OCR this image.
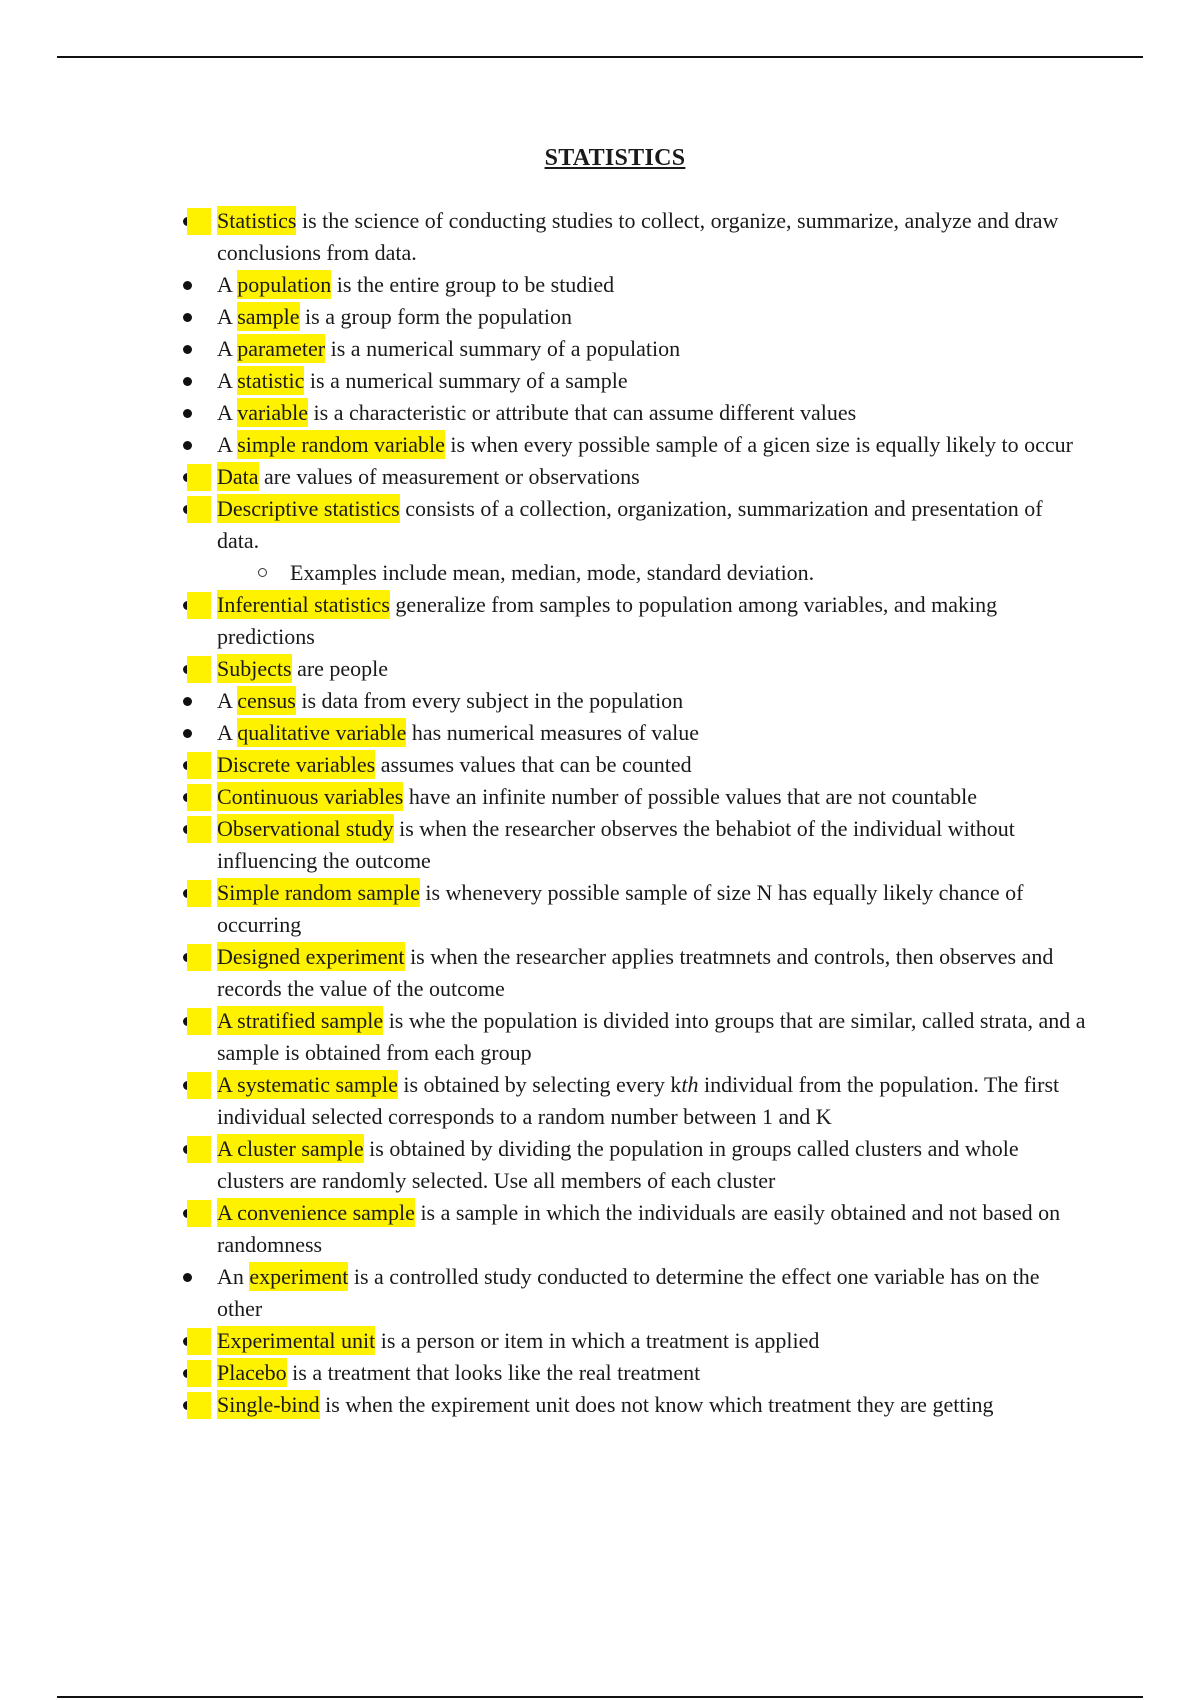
STATISTICS
Statistics is the science of conducting studies to collect, organize, summarize, analyze and draw conclusions from data.
A population is the entire group to be studied
A sample is a group form the population
A parameter is a numerical summary of a population
A statistic is a numerical summary of a sample
A variable is a characteristic or attribute that can assume different values
A simple random variable is when every possible sample of a gicen size is equally likely to occur
Data are values of measurement or observations
Descriptive statistics consists of a collection, organization, summarization and presentation of data.
Examples include mean, median, mode, standard deviation.
Inferential statistics generalize from samples to population among variables, and making predictions
Subjects are people
A census is data from every subject in the population
A qualitative variable has numerical measures of value
Discrete variables assumes values that can be counted
Continuous variables have an infinite number of possible values that are not countable
Observational study is when the researcher observes the behabiot of the individual without influencing the outcome
Simple random sample is whenevery possible sample of size N has equally likely chance of occurring
Designed experiment is when the researcher applies treatmnets and controls, then observes and records the value of the outcome
A stratified sample is whe the population is divided into groups that are similar, called strata, and a sample is obtained from each group
A systematic sample is obtained by selecting every kth individual from the population. The first individual selected corresponds to a random number between 1 and K
A cluster sample is obtained by dividing the population in groups called clusters and whole clusters are randomly selected. Use all members of each cluster
A convenience sample is a sample in which the individuals are easily obtained and not based on randomness
An experiment is a controlled study conducted to determine the effect one variable has on the other
Experimental unit is a person or item in which a treatment is applied
Placebo is a treatment that looks like the real treatment
Single-bind is when the expirement unit does not know which treatment they are getting
